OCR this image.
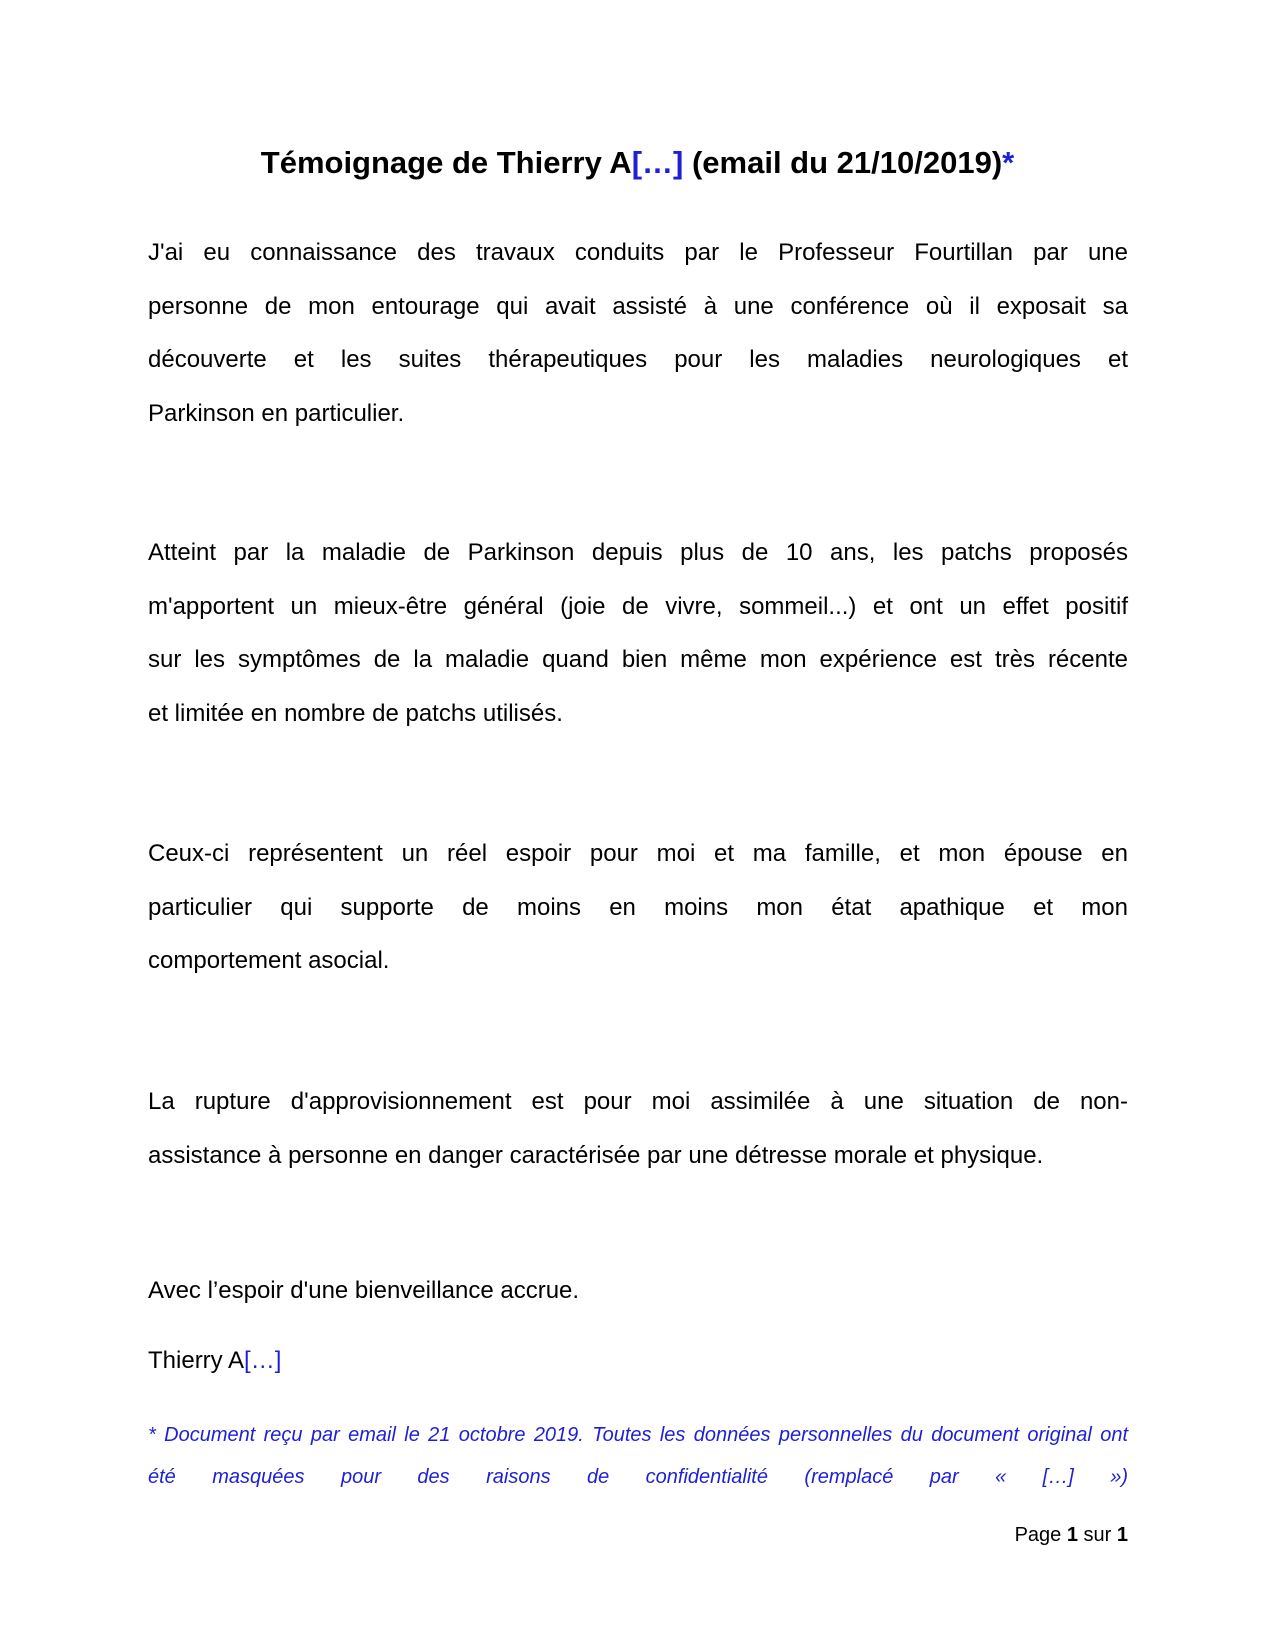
Témoignage de Thierry A[…] (email du 21/10/2019)*

J'ai eu connaissance des travaux conduits par le Professeur Fourtillan par une
personne de mon entourage qui avait assisté à une conférence où il exposait sa
découverte et les suites thérapeutiques pour les maladies neurologiques et
Parkinson en particulier.

Atteint par la maladie de Parkinson depuis plus de 10 ans, les patchs proposés
m'apportent un mieux-être général (joie de vivre, sommeil...) et ont un effet positif
sur les symptômes de la maladie quand bien même mon expérience est très récente
et limitée en nombre de patchs utilisés.

Ceux-ci représentent un réel espoir pour moi et ma famille, et mon épouse en
particulier qui supporte de moins en moins mon état apathique et mon
comportement asocial.

La rupture d'approvisionnement est pour moi assimilée à une situation de non-
assistance à personne en danger caractérisée par une détresse morale et physique.

Avec l’espoir d'une bienveillance accrue.
Thierry A[…]
* Document reçu par email le 21 octobre 2019. Toutes les données personnelles du document original ont
été masquées pour des raisons de confidentialité (remplacé par « […] »)
Page 1 sur 1
